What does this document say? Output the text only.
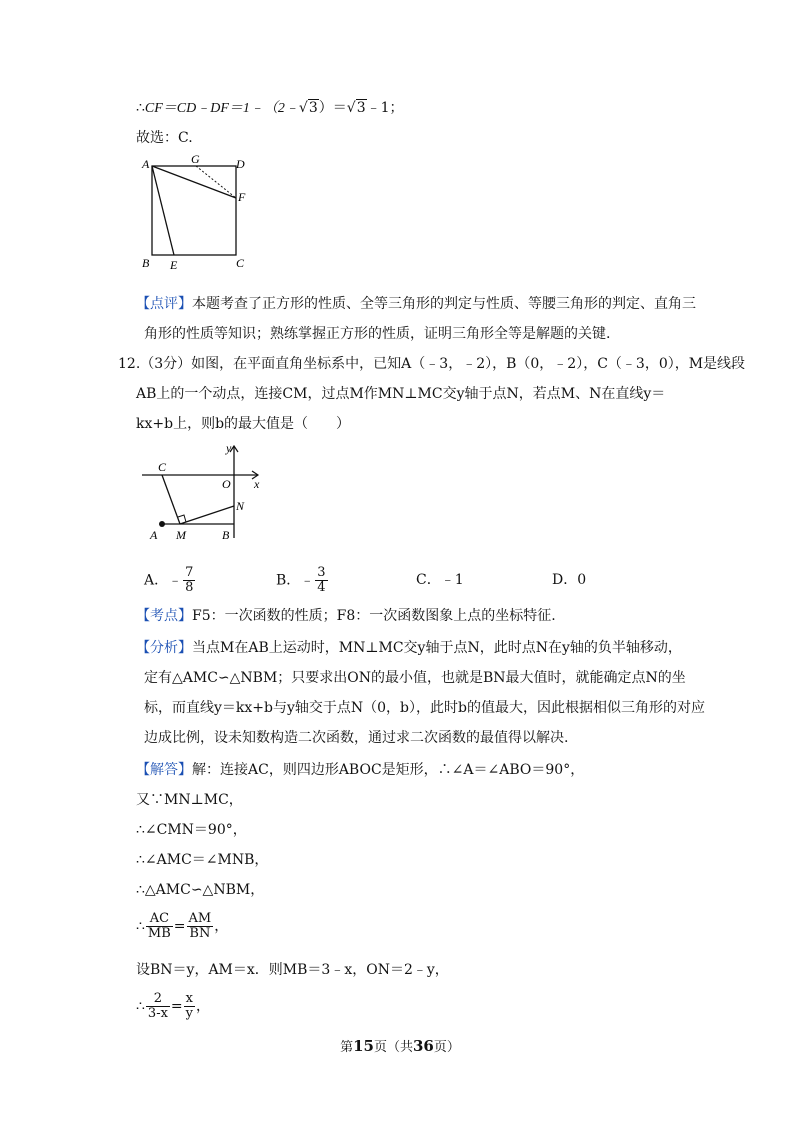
∴CF＝CD﹣DF＝1﹣（2﹣√3）＝√3﹣1；
故选：C.
A	G	D
F
B E	C
【点评】本题考查了正方形的性质、全等三角形的判定与性质、等腰三角形的判定、直角三
角形的性质等知识；熟练掌握正方形的性质，证明三角形全等是解题的关键.
12.（3分）如图，在平面直角坐标系中，已知A（﹣3，﹣2），B（0，﹣2），C（﹣3，0），M是线段
AB上的一个动点，连接CM，过点M作MN⊥MC交y轴于点N，若点M、N在直线y＝
kx+b上，则b的最大值是（　　）
y
C
O x
N
A M	B
A．﹣ $\frac{7}{8}$	B．﹣ $\frac{3}{4}$	C．﹣1	D．0
【考点】F5：一次函数的性质；F8：一次函数图象上点的坐标特征.
【分析】当点M在AB上运动时，MN⊥MC交y轴于点N，此时点N在y轴的负半轴移动，
定有△AMC∽△NBM；只要求出ON的最小值，也就是BN最大值时，就能确定点N的坐
标，而直线y＝kx+b与y轴交于点N（0，b），此时b的值最大，因此根据相似三角形的对应
边成比例，设未知数构造二次函数，通过求二次函数的最值得以解决.
【解答】解：连接AC，则四边形ABOC是矩形，∴∠A＝∠ABO＝90°，
又∵MN⊥MC，
∴∠CMN＝90°，
∴∠AMC＝∠MNB，
∴△AMC∽△NBM，
∴ $\frac{AC}{MB} = \frac{AM}{BN}$ ，
设BN＝y，AM＝x．则MB＝3﹣x，ON＝2﹣y，
∴ $\frac{2}{3-x} = \frac{x}{y}$ ，
第15页（共36页）
